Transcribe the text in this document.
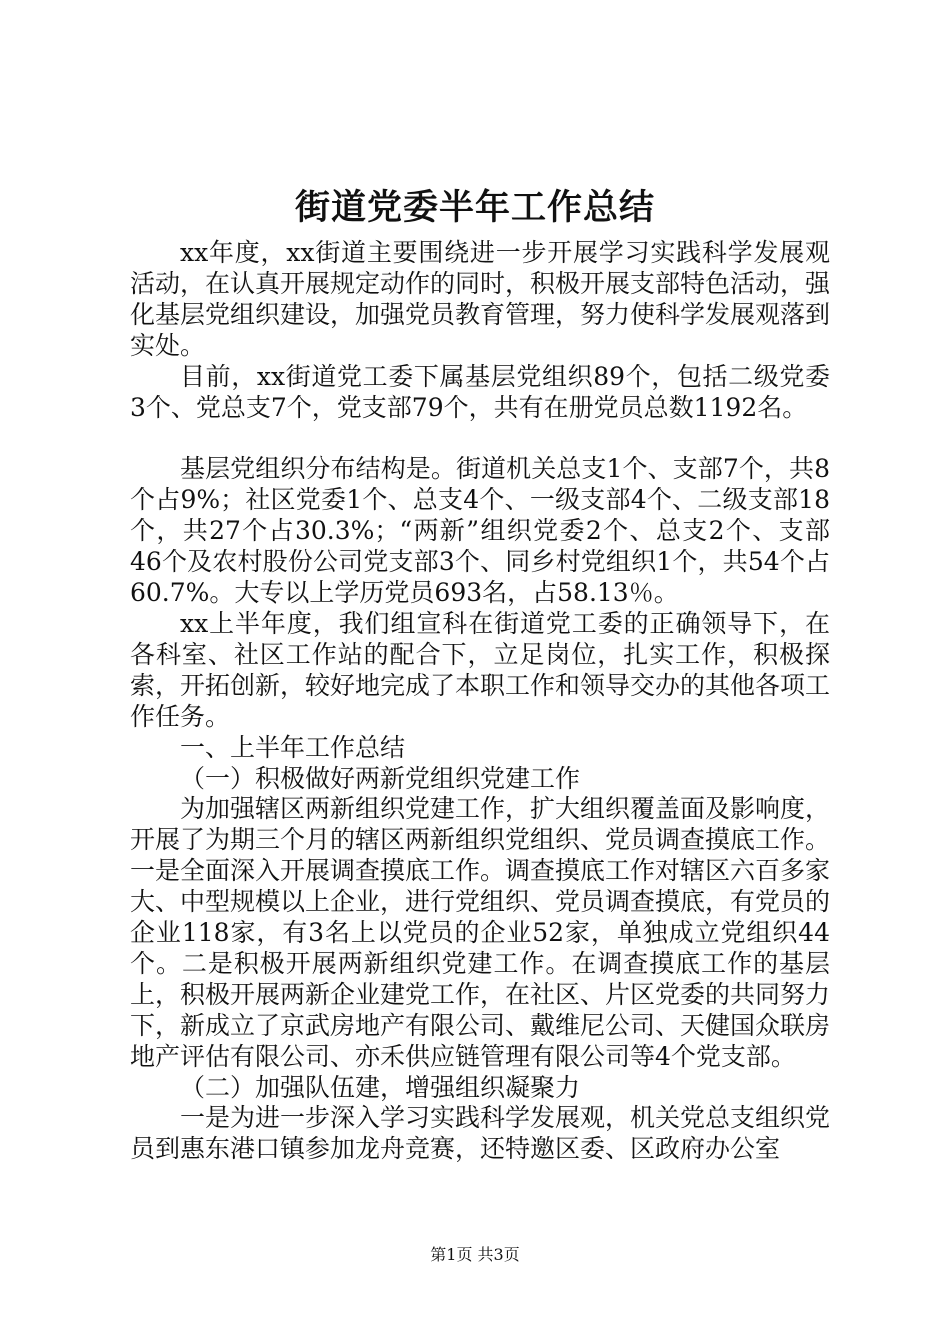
街道党委半年工作总结

xx年度，xx街道主要围绕进一步开展学习实践科学发展观活动，在认真开展规定动作的同时，积极开展支部特色活动，强化基层党组织建设，加强党员教育管理，努力使科学发展观落到实处。

目前，xx街道党工委下属基层党组织89个，包括二级党委3个、党总支7个，党支部79个，共有在册党员总数1192名。

基层党组织分布结构是。街道机关总支1个、支部7个，共8个占9%；社区党委1个、总支4个、一级支部4个、二级支部18个，共27个占30.3%；“两新”组织党委2个、总支2个、支部46个及农村股份公司党支部3个、同乡村党组织1个，共54个占60.7%。大专以上学历党员693名，占58.13％。

xx上半年度，我们组宣科在街道党工委的正确领导下，在各科室、社区工作站的配合下，立足岗位，扎实工作，积极探索，开拓创新，较好地完成了本职工作和领导交办的其他各项工作任务。

一、上半年工作总结

（一）积极做好两新党组织党建工作

为加强辖区两新组织党建工作，扩大组织覆盖面及影响度，开展了为期三个月的辖区两新组织党组织、党员调查摸底工作。一是全面深入开展调查摸底工作。调查摸底工作对辖区六百多家大、中型规模以上企业，进行党组织、党员调查摸底，有党员的企业118家，有3名上以党员的企业52家，单独成立党组织44个。二是积极开展两新组织党建工作。在调查摸底工作的基层上，积极开展两新企业建党工作，在社区、片区党委的共同努力下，新成立了京武房地产有限公司、戴维尼公司、天健国众联房地产评估有限公司、亦禾供应链管理有限公司等4个党支部。

（二）加强队伍建，增强组织凝聚力

一是为进一步深入学习实践科学发展观，机关党总支组织党员到惠东港口镇参加龙舟竞赛，还特邀区委、区政府办公室

第1页 共3页
